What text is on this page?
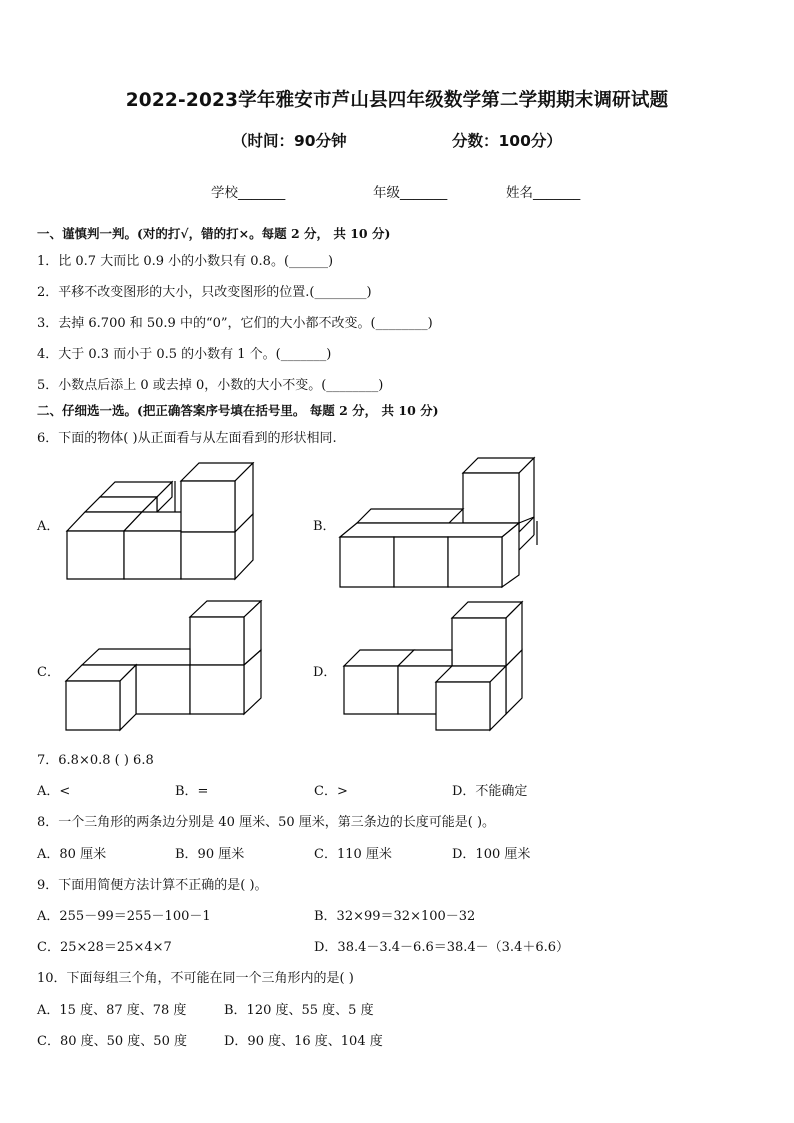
2022-2023学年雅安市芦山县四年级数学第二学期期末调研试题
（时间：90分钟	分数：100分）
学校_______	年级_______	姓名_______
一、谨慎判一判。(对的打√，错的打×。每题 2 分， 共 10 分)
1．比 0.7 大而比 0.9 小的小数只有 0.8。(______)
2．平移不改变图形的大小，只改变图形的位置.(________)
3．去掉 6.700 和 50.9 中的“0”，它们的大小都不改变。(________)
4．大于 0.3 而小于 0.5 的小数有 1 个。(_______)
5．小数点后添上 0 或去掉 0，小数的大小不变。(________)
二、仔细选一选。(把正确答案序号填在括号里。 每题 2 分， 共 10 分)
6．下面的物体( )从正面看与从左面看到的形状相同.
A．	B．
C．	D．
7．6.8×0.8 ( ) 6.8
A．<	B．=	C．>	D．不能确定
8．一个三角形的两条边分别是 40 厘米、50 厘米，第三条边的长度可能是( )。
A．80 厘米	B．90 厘米	C．110 厘米	D．100 厘米
9．下面用简便方法计算不正确的是( )。
A．255－99＝255－100－1	B．32×99＝32×100－32
C．25×28＝25×4×7	D．38.4－3.4－6.6＝38.4－（3.4＋6.6）
10．下面每组三个角，不可能在同一个三角形内的是( )
A．15 度、87 度、78 度	B．120 度、55 度、5 度
C．80 度、50 度、50 度	D．90 度、16 度、104 度
